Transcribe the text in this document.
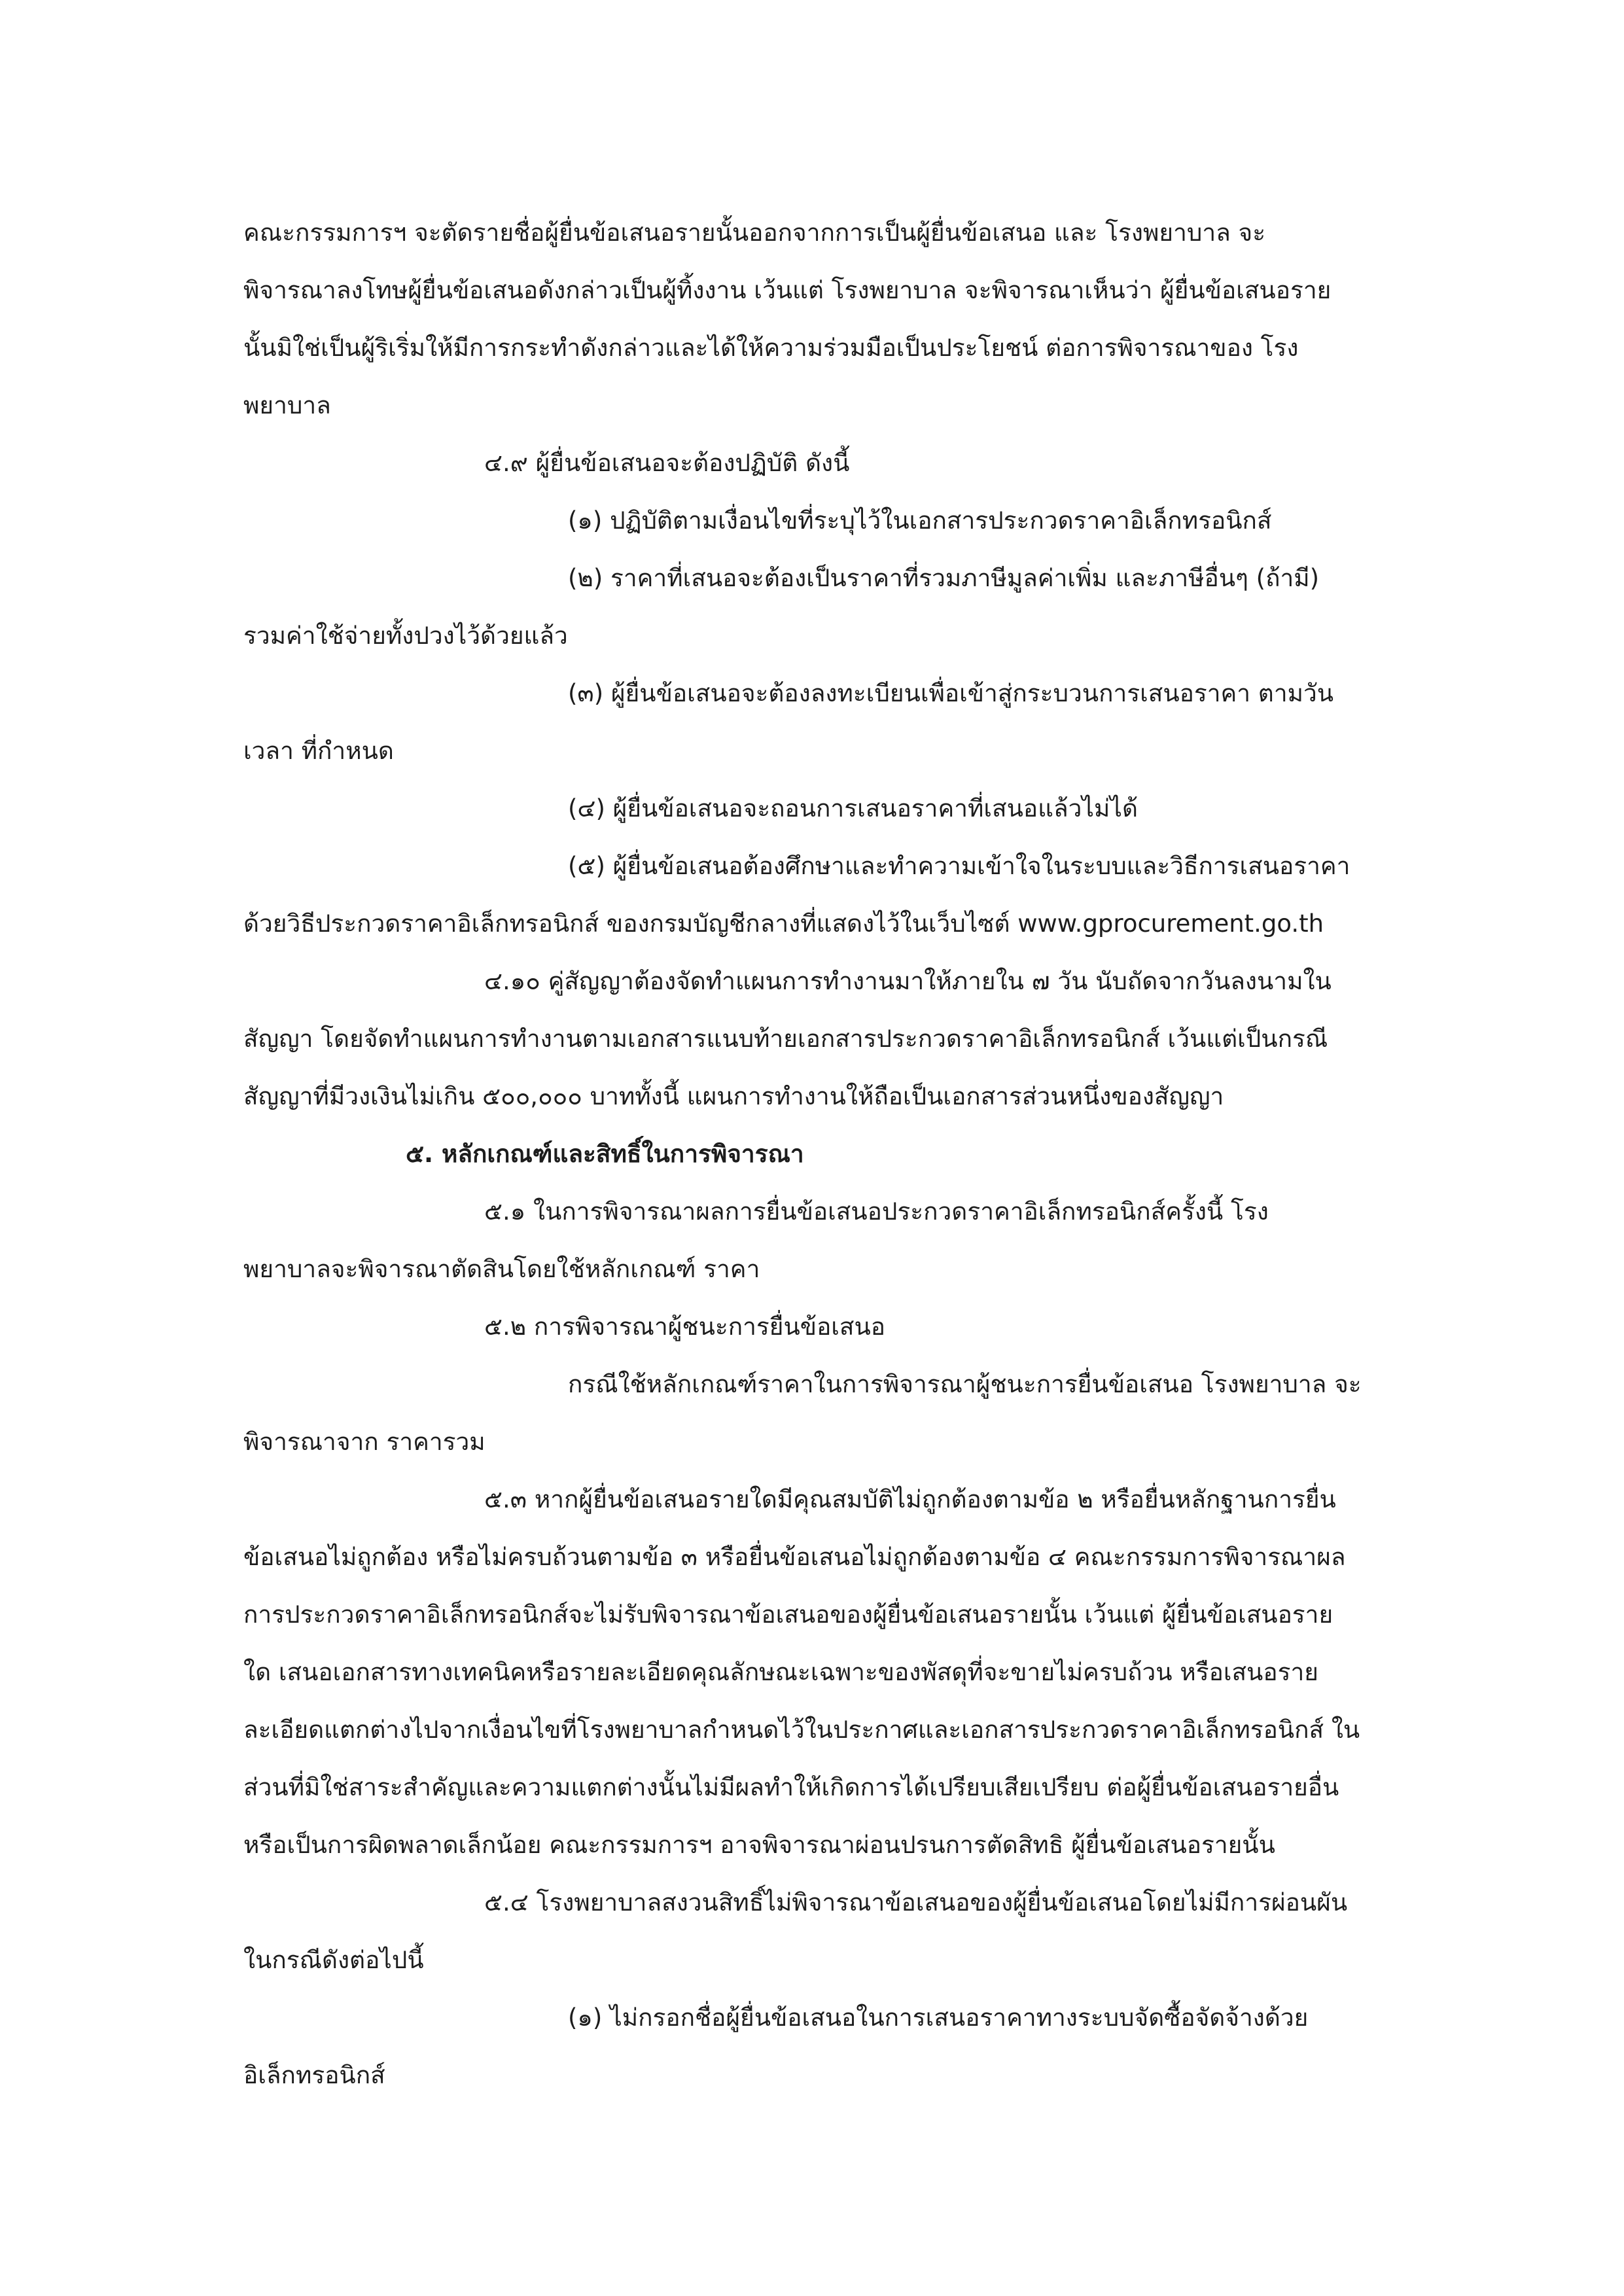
คณะกรรมการฯ จะตัดรายชื่อผู้ยื่นข้อเสนอรายนั้นออกจากการเป็นผู้ยื่นข้อเสนอ และ โรงพยาบาล จะ

พิจารณาลงโทษผู้ยื่นข้อเสนอดังกล่าวเป็นผู้ทิ้งงาน เว้นแต่ โรงพยาบาล จะพิจารณาเห็นว่า ผู้ยื่นข้อเสนอราย

นั้นมิใช่เป็นผู้ริเริ่มให้มีการกระทำดังกล่าวและได้ให้ความร่วมมือเป็นประโยชน์ ต่อการพิจารณาของ โรง

พยาบาล

๔.๙ ผู้ยื่นข้อเสนอจะต้องปฏิบัติ ดังนี้

(๑) ปฏิบัติตามเงื่อนไขที่ระบุไว้ในเอกสารประกวดราคาอิเล็กทรอนิกส์

(๒) ราคาที่เสนอจะต้องเป็นราคาที่รวมภาษีมูลค่าเพิ่ม และภาษีอื่นๆ (ถ้ามี)

รวมค่าใช้จ่ายทั้งปวงไว้ด้วยแล้ว

(๓) ผู้ยื่นข้อเสนอจะต้องลงทะเบียนเพื่อเข้าสู่กระบวนการเสนอราคา ตามวัน

เวลา ที่กำหนด

(๔) ผู้ยื่นข้อเสนอจะถอนการเสนอราคาที่เสนอแล้วไม่ได้

(๕) ผู้ยื่นข้อเสนอต้องศึกษาและทำความเข้าใจในระบบและวิธีการเสนอราคา

ด้วยวิธีประกวดราคาอิเล็กทรอนิกส์ ของกรมบัญชีกลางที่แสดงไว้ในเว็บไซต์ www.gprocurement.go.th

๔.๑๐ คู่สัญญาต้องจัดทำแผนการทำงานมาให้ภายใน ๗ วัน นับถัดจากวันลงนามใน

สัญญา โดยจัดทำแผนการทำงานตามเอกสารแนบท้ายเอกสารประกวดราคาอิเล็กทรอนิกส์ เว้นแต่เป็นกรณี

สัญญาที่มีวงเงินไม่เกิน ๕๐๐,๐๐๐ บาททั้งนี้ แผนการทำงานให้ถือเป็นเอกสารส่วนหนึ่งของสัญญา

๕. หลักเกณฑ์และสิทธิ์ในการพิจารณา

๕.๑ ในการพิจารณาผลการยื่นข้อเสนอประกวดราคาอิเล็กทรอนิกส์ครั้งนี้ โรง

พยาบาลจะพิจารณาตัดสินโดยใช้หลักเกณฑ์ ราคา

๕.๒ การพิจารณาผู้ชนะการยื่นข้อเสนอ

กรณีใช้หลักเกณฑ์ราคาในการพิจารณาผู้ชนะการยื่นข้อเสนอ โรงพยาบาล จะ

พิจารณาจาก ราคารวม

๕.๓ หากผู้ยื่นข้อเสนอรายใดมีคุณสมบัติไม่ถูกต้องตามข้อ ๒ หรือยื่นหลักฐานการยื่น

ข้อเสนอไม่ถูกต้อง หรือไม่ครบถ้วนตามข้อ ๓ หรือยื่นข้อเสนอไม่ถูกต้องตามข้อ ๔ คณะกรรมการพิจารณาผล

การประกวดราคาอิเล็กทรอนิกส์จะไม่รับพิจารณาข้อเสนอของผู้ยื่นข้อเสนอรายนั้น เว้นแต่ ผู้ยื่นข้อเสนอราย

ใด เสนอเอกสารทางเทคนิคหรือรายละเอียดคุณลักษณะเฉพาะของพัสดุที่จะขายไม่ครบถ้วน หรือเสนอราย

ละเอียดแตกต่างไปจากเงื่อนไขที่โรงพยาบาลกำหนดไว้ในประกาศและเอกสารประกวดราคาอิเล็กทรอนิกส์ ใน

ส่วนที่มิใช่สาระสำคัญและความแตกต่างนั้นไม่มีผลทำให้เกิดการได้เปรียบเสียเปรียบ ต่อผู้ยื่นข้อเสนอรายอื่น

หรือเป็นการผิดพลาดเล็กน้อย คณะกรรมการฯ อาจพิจารณาผ่อนปรนการตัดสิทธิ ผู้ยื่นข้อเสนอรายนั้น

๕.๔ โรงพยาบาลสงวนสิทธิ์ไม่พิจารณาข้อเสนอของผู้ยื่นข้อเสนอโดยไม่มีการผ่อนผัน

ในกรณีดังต่อไปนี้

(๑) ไม่กรอกชื่อผู้ยื่นข้อเสนอในการเสนอราคาทางระบบจัดซื้อจัดจ้างด้วย

อิเล็กทรอนิกส์
